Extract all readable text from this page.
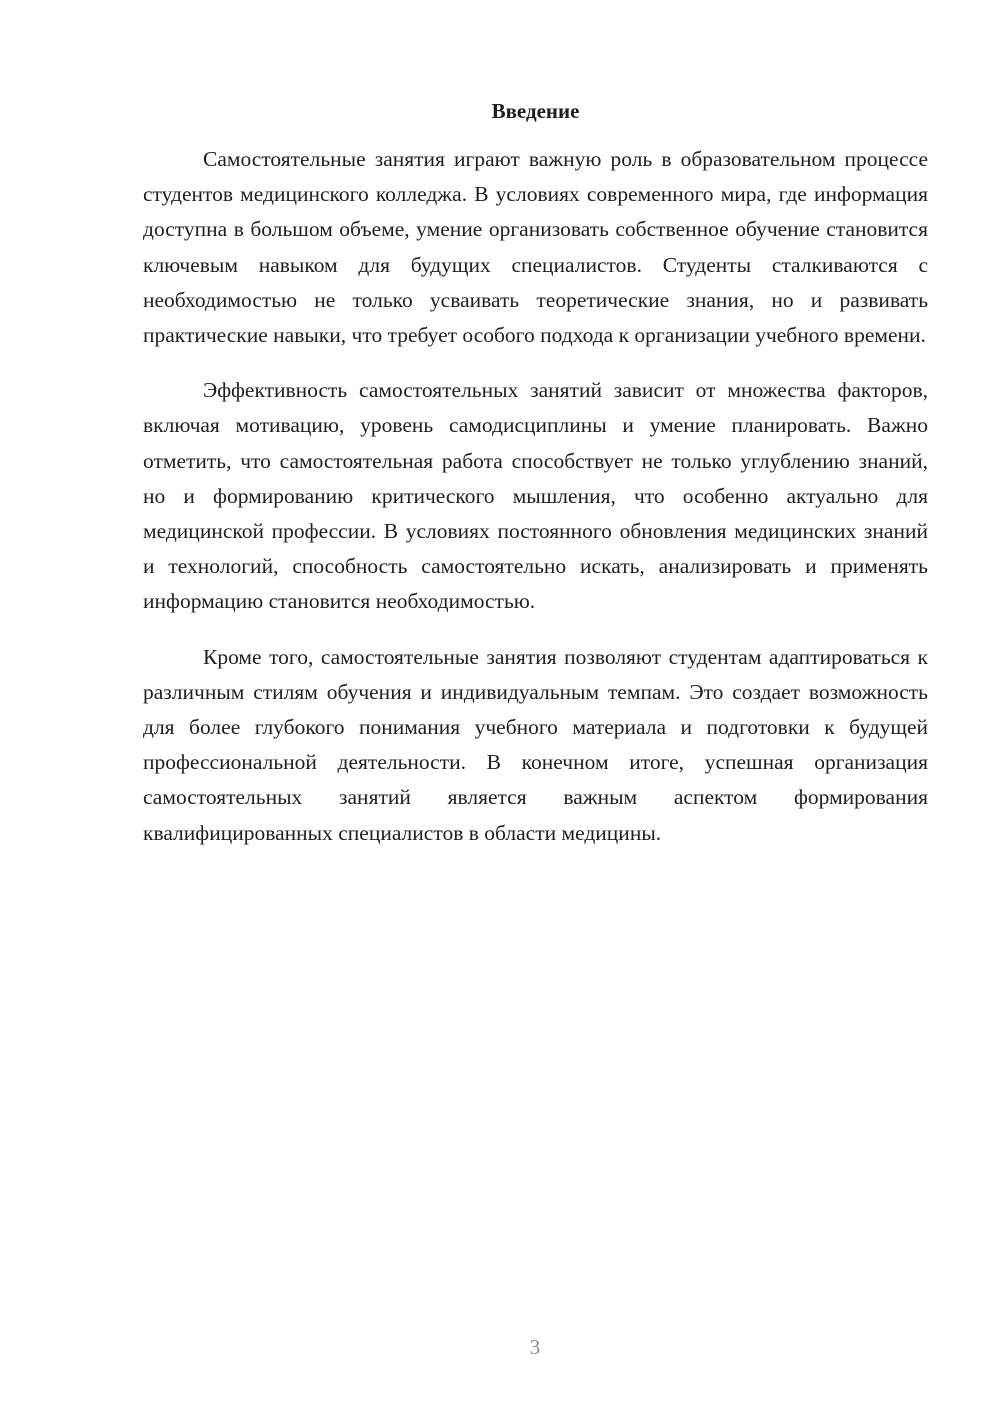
Введение

Самостоятельные занятия играют важную роль в образовательном процессе студентов медицинского колледжа. В условиях современного мира, где информация доступна в большом объеме, умение организовать собственное обучение становится ключевым навыком для будущих специалистов. Студенты сталкиваются с необходимостью не только усваивать теоретические знания, но и развивать практические навыки, что требует особого подхода к организации учебного времени.

Эффективность самостоятельных занятий зависит от множества факторов, включая мотивацию, уровень самодисциплины и умение планировать. Важно отметить, что самостоятельная работа способствует не только углублению знаний, но и формированию критического мышления, что особенно актуально для медицинской профессии. В условиях постоянного обновления медицинских знаний и технологий, способность самостоятельно искать, анализировать и применять информацию становится необходимостью.

Кроме того, самостоятельные занятия позволяют студентам адаптироваться к различным стилям обучения и индивидуальным темпам. Это создает возможность для более глубокого понимания учебного материала и подготовки к будущей профессиональной деятельности. В конечном итоге, успешная организация самостоятельных занятий является важным аспектом формирования квалифицированных специалистов в области медицины.

3
